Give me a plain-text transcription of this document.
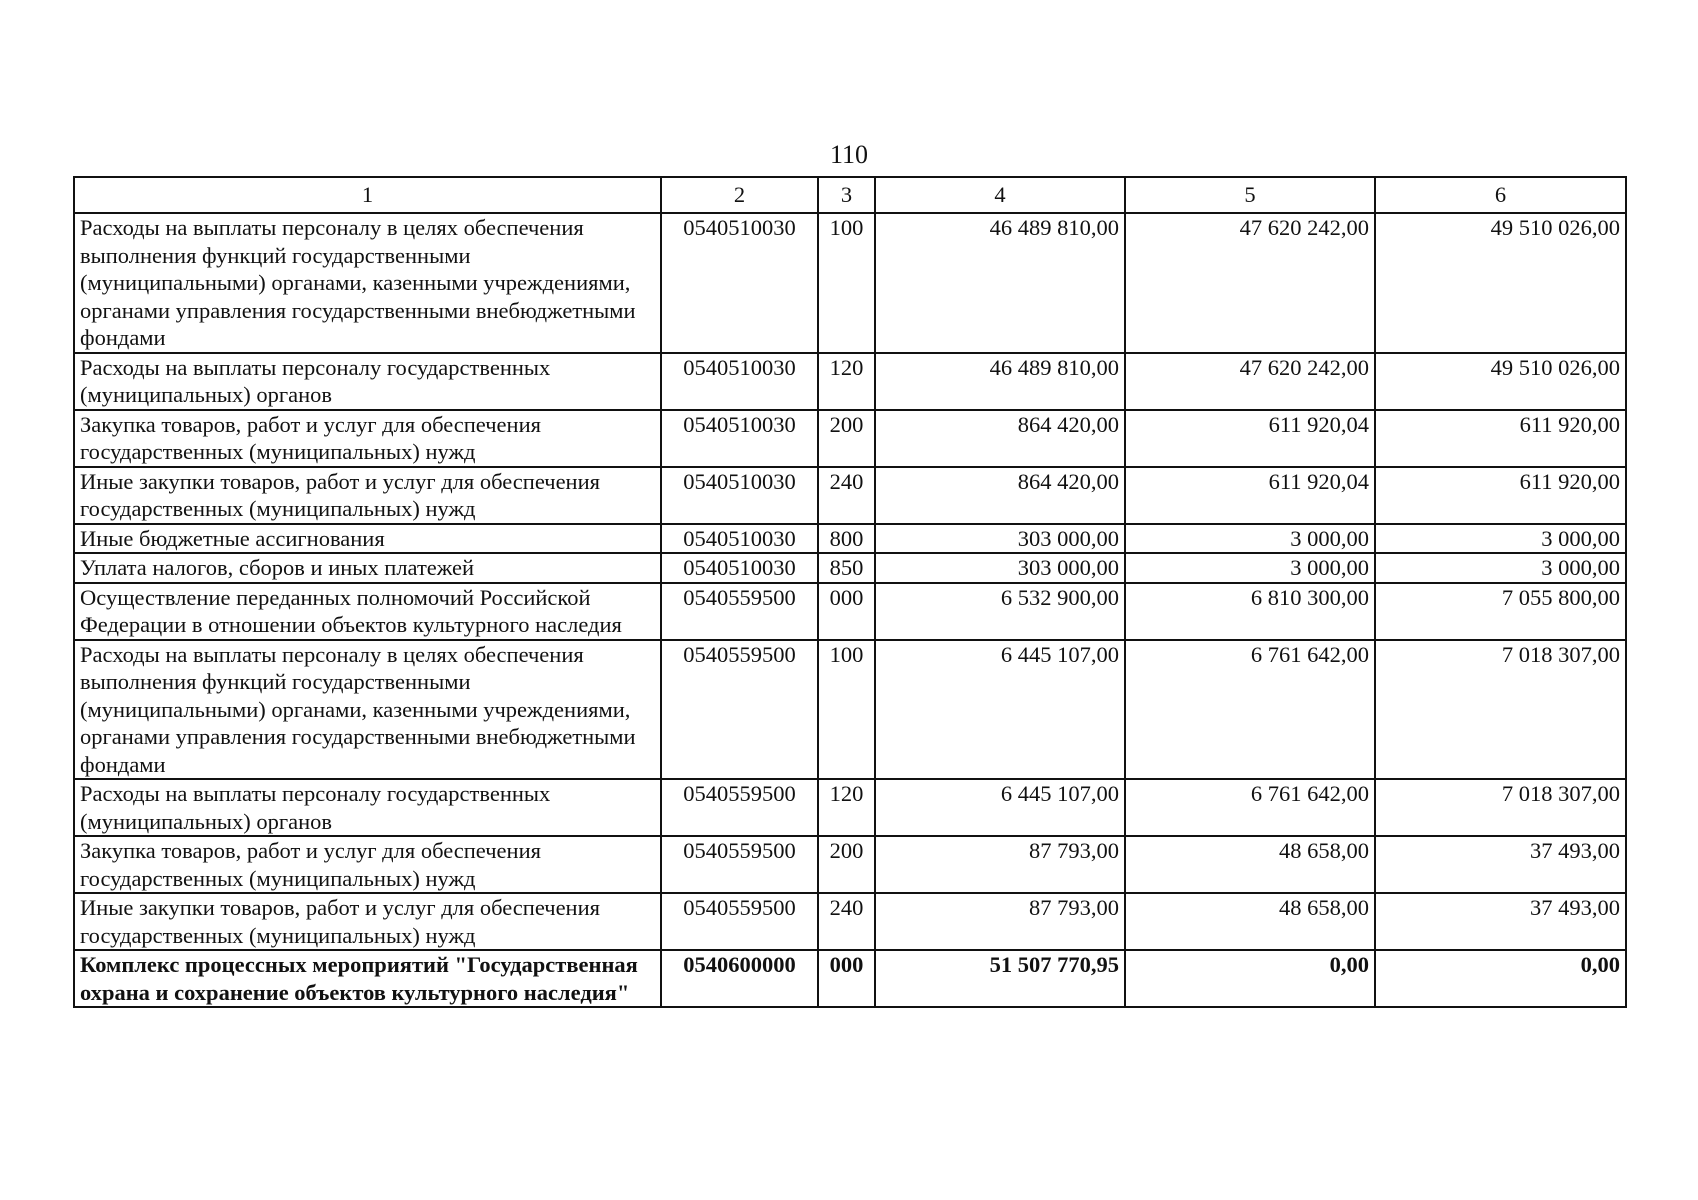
110
1	2	3	4	5	6
Расходы на выплаты персоналу в целях обеспечения выполнения функций государственными (муниципальными) органами, казенными учреждениями, органами управления государственными внебюджетными фондами	0540510030	100	46 489 810,00	47 620 242,00	49 510 026,00
Расходы на выплаты персоналу государственных (муниципальных) органов	0540510030	120	46 489 810,00	47 620 242,00	49 510 026,00
Закупка товаров, работ и услуг для обеспечения государственных (муниципальных) нужд	0540510030	200	864 420,00	611 920,04	611 920,00
Иные закупки товаров, работ и услуг для обеспечения государственных (муниципальных) нужд	0540510030	240	864 420,00	611 920,04	611 920,00
Иные бюджетные ассигнования	0540510030	800	303 000,00	3 000,00	3 000,00
Уплата налогов, сборов и иных платежей	0540510030	850	303 000,00	3 000,00	3 000,00
Осуществление переданных полномочий Российской Федерации в отношении объектов культурного наследия	0540559500	000	6 532 900,00	6 810 300,00	7 055 800,00
Расходы на выплаты персоналу в целях обеспечения выполнения функций государственными (муниципальными) органами, казенными учреждениями, органами управления государственными внебюджетными фондами	0540559500	100	6 445 107,00	6 761 642,00	7 018 307,00
Расходы на выплаты персоналу государственных (муниципальных) органов	0540559500	120	6 445 107,00	6 761 642,00	7 018 307,00
Закупка товаров, работ и услуг для обеспечения государственных (муниципальных) нужд	0540559500	200	87 793,00	48 658,00	37 493,00
Иные закупки товаров, работ и услуг для обеспечения государственных (муниципальных) нужд	0540559500	240	87 793,00	48 658,00	37 493,00
Комплекс процессных мероприятий "Государственная охрана и сохранение объектов культурного наследия"	0540600000	000	51 507 770,95	0,00	0,00
